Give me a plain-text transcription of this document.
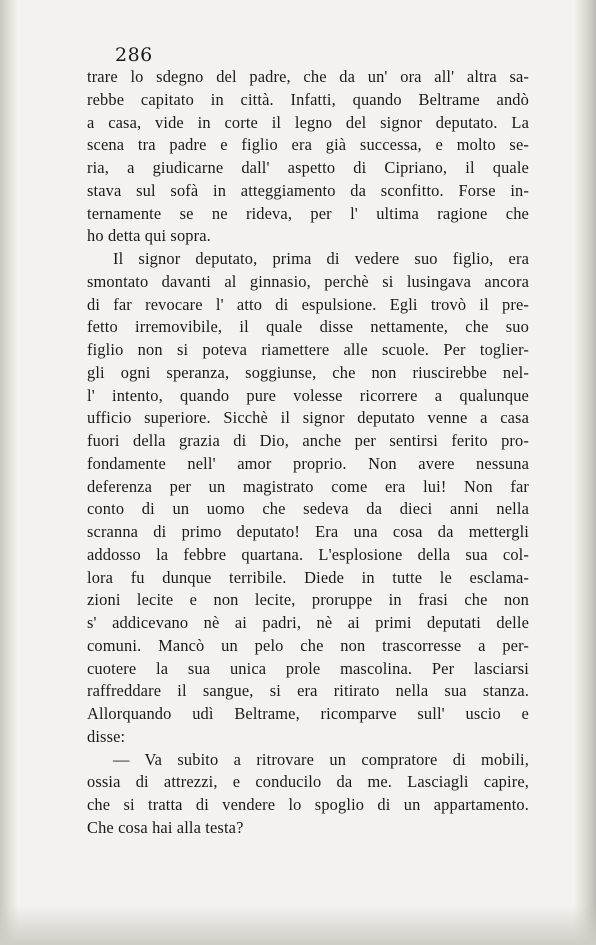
286
trare lo sdegno del padre, che da un' ora all' altra sa-
rebbe capitato in città. Infatti, quando Beltrame andò
a casa, vide in corte il legno del signor deputato. La
scena tra padre e figlio era già successa, e molto se-
ria, a giudicarne dall' aspetto di Cipriano, il quale
stava sul sofà in atteggiamento da sconfitto. Forse in-
ternamente se ne rideva, per l' ultima ragione che
ho detta qui sopra.
Il signor deputato, prima di vedere suo figlio, era
smontato davanti al ginnasio, perchè si lusingava ancora
di far revocare l' atto di espulsione. Egli trovò il pre-
fetto irremovibile, il quale disse nettamente, che suo
figlio non si poteva riamettere alle scuole. Per toglier-
gli ogni speranza, soggiunse, che non riuscirebbe nel-
l' intento, quando pure volesse ricorrere a qualunque
ufficio superiore. Sicchè il signor deputato venne a casa
fuori della grazia di Dio, anche per sentirsi ferito pro-
fondamente nell' amor proprio. Non avere nessuna
deferenza per un magistrato come era lui! Non far
conto di un uomo che sedeva da dieci anni nella
scranna di primo deputato! Era una cosa da mettergli
addosso la febbre quartana. L'esplosione della sua col-
lora fu dunque terribile. Diede in tutte le esclama-
zioni lecite e non lecite, proruppe in frasi che non
s' addicevano nè ai padri, nè ai primi deputati delle
comuni. Mancò un pelo che non trascorresse a per-
cuotere la sua unica prole mascolina. Per lasciarsi
raffreddare il sangue, si era ritirato nella sua stanza.
Allorquando udì Beltrame, ricomparve sull' uscio e
disse:
— Va subito a ritrovare un compratore di mobili,
ossia di attrezzi, e conducilo da me. Lasciagli capire,
che si tratta di vendere lo spoglio di un appartamento.
Che cosa hai alla testa?
